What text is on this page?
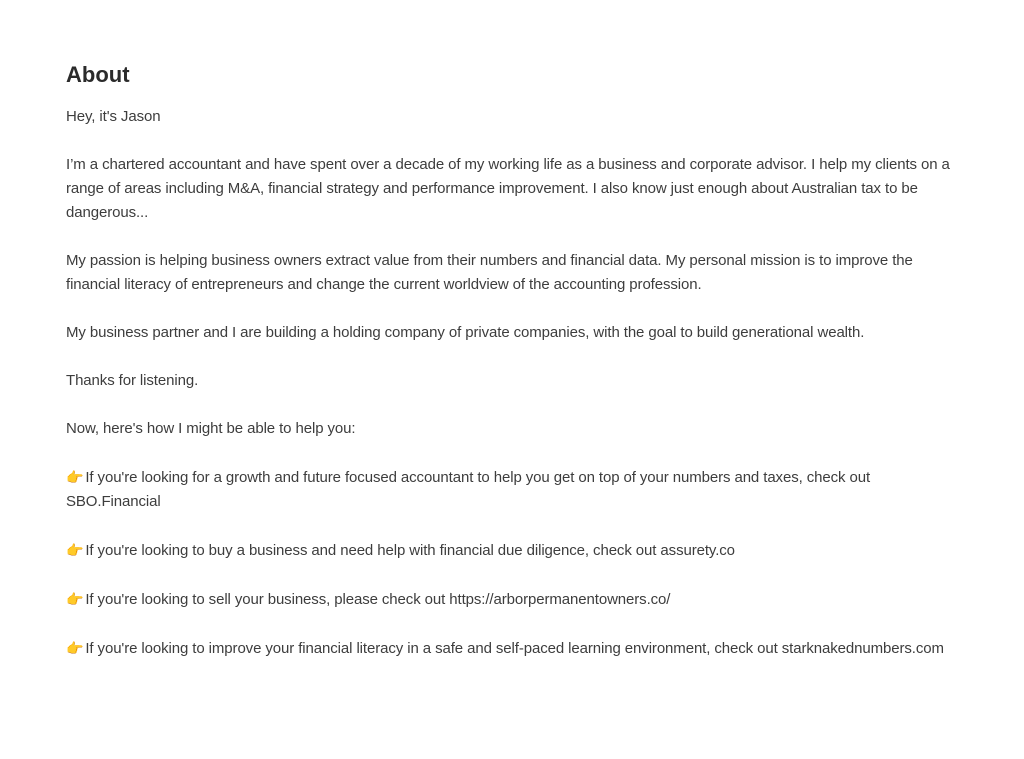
About

Hey, it's Jason

I’m a chartered accountant and have spent over a decade of my working life as a business and corporate advisor. I help my clients on a range of areas including M&A, financial strategy and performance improvement. I also know just enough about Australian tax to be dangerous...

My passion is helping business owners extract value from their numbers and financial data. My personal mission is to improve the financial literacy of entrepreneurs and change the current worldview of the accounting profession.

My business partner and I are building a holding company of private companies, with the goal to build generational wealth.

Thanks for listening.

Now, here's how I might be able to help you:

👉 If you're looking for a growth and future focused accountant to help you get on top of your numbers and taxes, check out SBO.Financial

👉 If you're looking to buy a business and need help with financial due diligence, check out assurety.co

👉 If you're looking to sell your business, please check out https://arborpermanentowners.co/

👉 If you're looking to improve your financial literacy in a safe and self-paced learning environment, check out starknakednumbers.com
